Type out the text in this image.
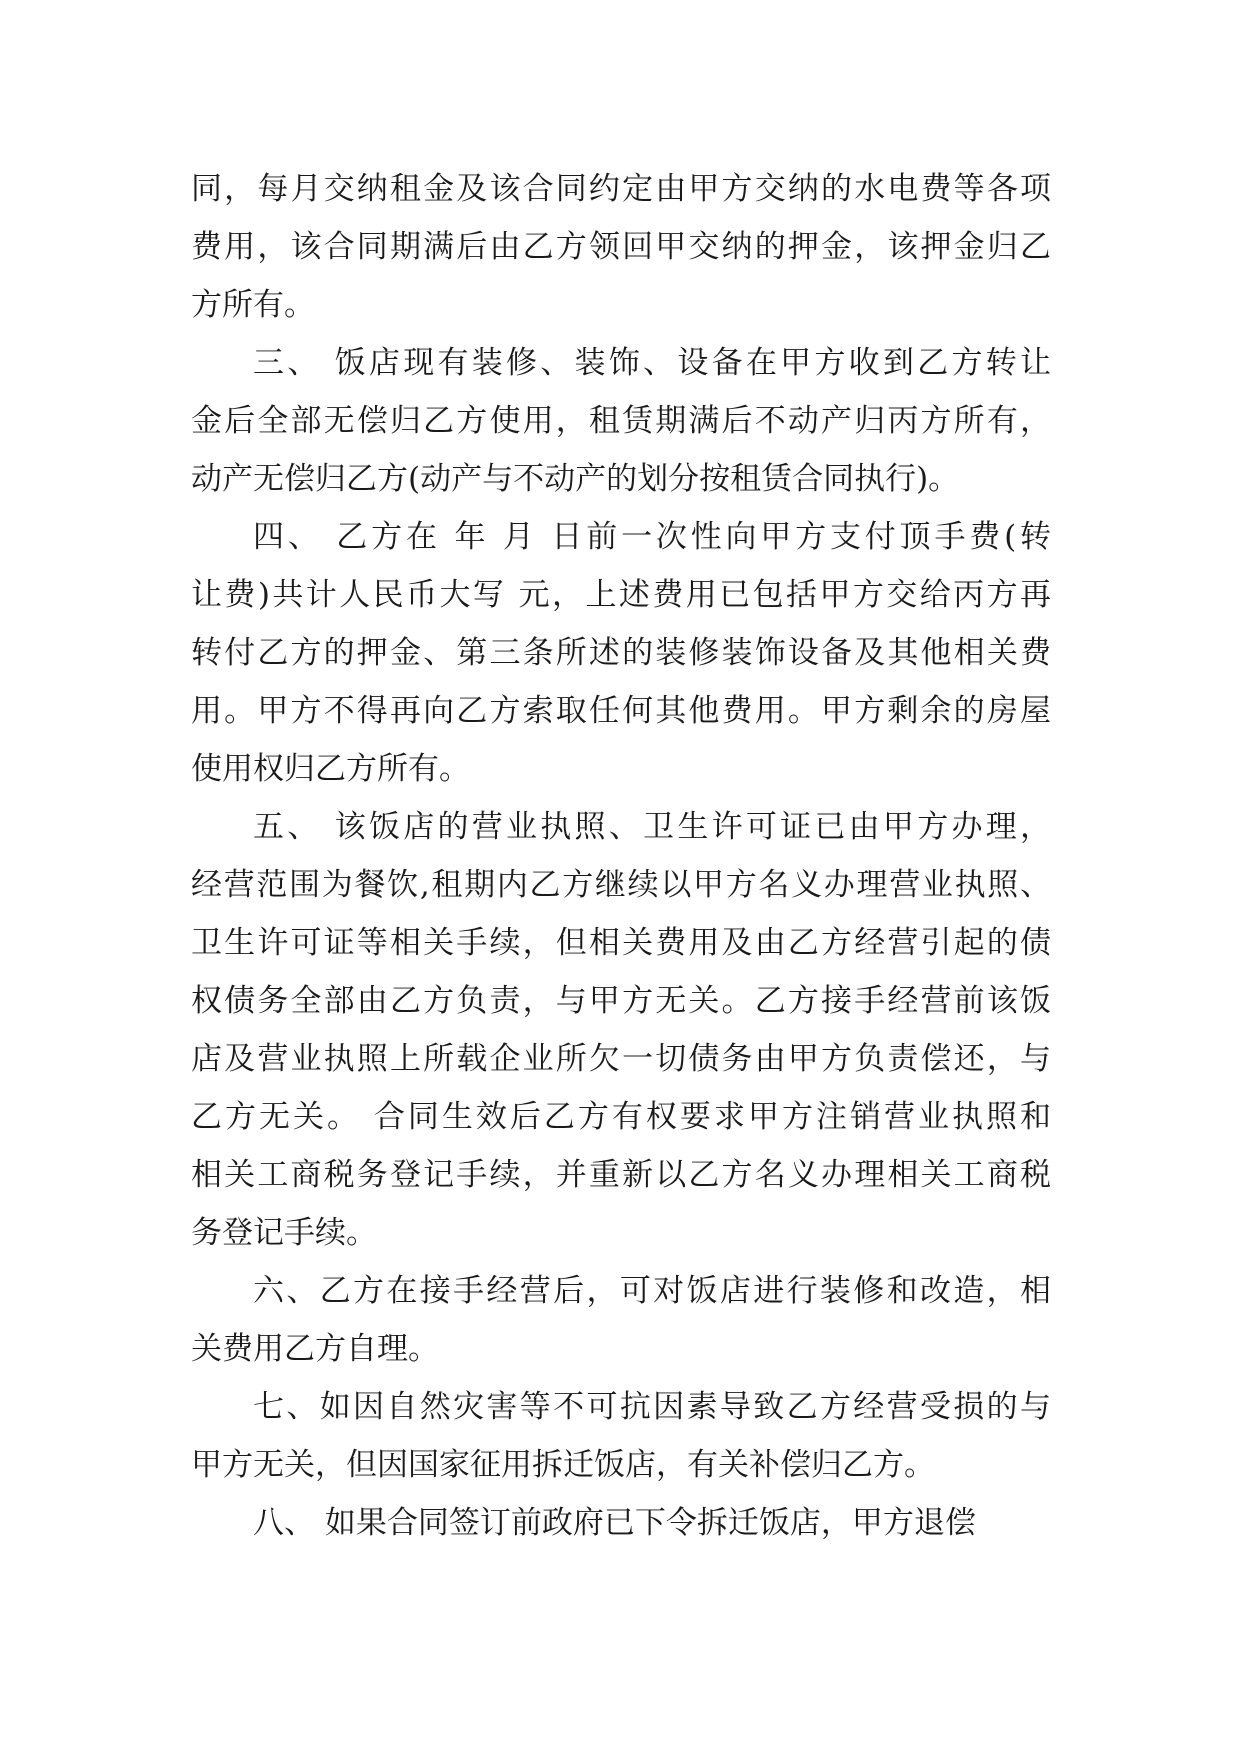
同，每月交纳租金及该合同约定由甲方交纳的水电费等各项
费用，该合同期满后由乙方领回甲交纳的押金，该押金归乙
方所有。
三、 饭店现有装修、装饰、设备在甲方收到乙方转让
金后全部无偿归乙方使用，租赁期满后不动产归丙方所有，
动产无偿归乙方(动产与不动产的划分按租赁合同执行)。
四、 乙方在 年 月 日前一次性向甲方支付顶手费(转
让费)共计人民币大写 元，上述费用已包括甲方交给丙方再
转付乙方的押金、第三条所述的装修装饰设备及其他相关费
用。甲方不得再向乙方索取任何其他费用。甲方剩余的房屋
使用权归乙方所有。
五、 该饭店的营业执照、卫生许可证已由甲方办理，
经营范围为餐饮,租期内乙方继续以甲方名义办理营业执照、
卫生许可证等相关手续，但相关费用及由乙方经营引起的债
权债务全部由乙方负责，与甲方无关。乙方接手经营前该饭
店及营业执照上所载企业所欠一切债务由甲方负责偿还，与
乙方无关。 合同生效后乙方有权要求甲方注销营业执照和
相关工商税务登记手续，并重新以乙方名义办理相关工商税
务登记手续。
六、乙方在接手经营后，可对饭店进行装修和改造，相
关费用乙方自理。
七、如因自然灾害等不可抗因素导致乙方经营受损的与
甲方无关，但因国家征用拆迁饭店，有关补偿归乙方。
八、 如果合同签订前政府已下令拆迁饭店，甲方退偿
